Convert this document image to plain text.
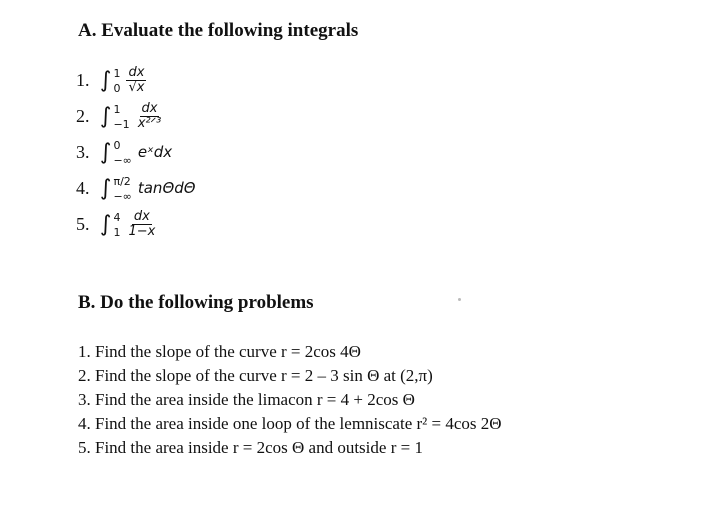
A. Evaluate the following integrals
1. ∫ 1
$0 \frac{dx}{√x}$
2. ∫ 1
$-1 \frac{dx}{\text{x²ᐟ³}}$
3. ∫ 0
−∞ eˣdx
4. ∫ π/2
−∞ tanΘdΘ
5. ∫ 4
$1 \frac{dx}{1-x}$
B. Do the following problems
1. Find the slope of the curve r = 2cos 4Θ
2. Find the slope of the curve r = 2 – 3 sin Θ at (2,π)
3. Find the area inside the limacon r = 4 + 2cos Θ
4. Find the area inside one loop of the lemniscate r² = 4cos 2Θ
5. Find the area inside r = 2cos Θ and outside r = 1
